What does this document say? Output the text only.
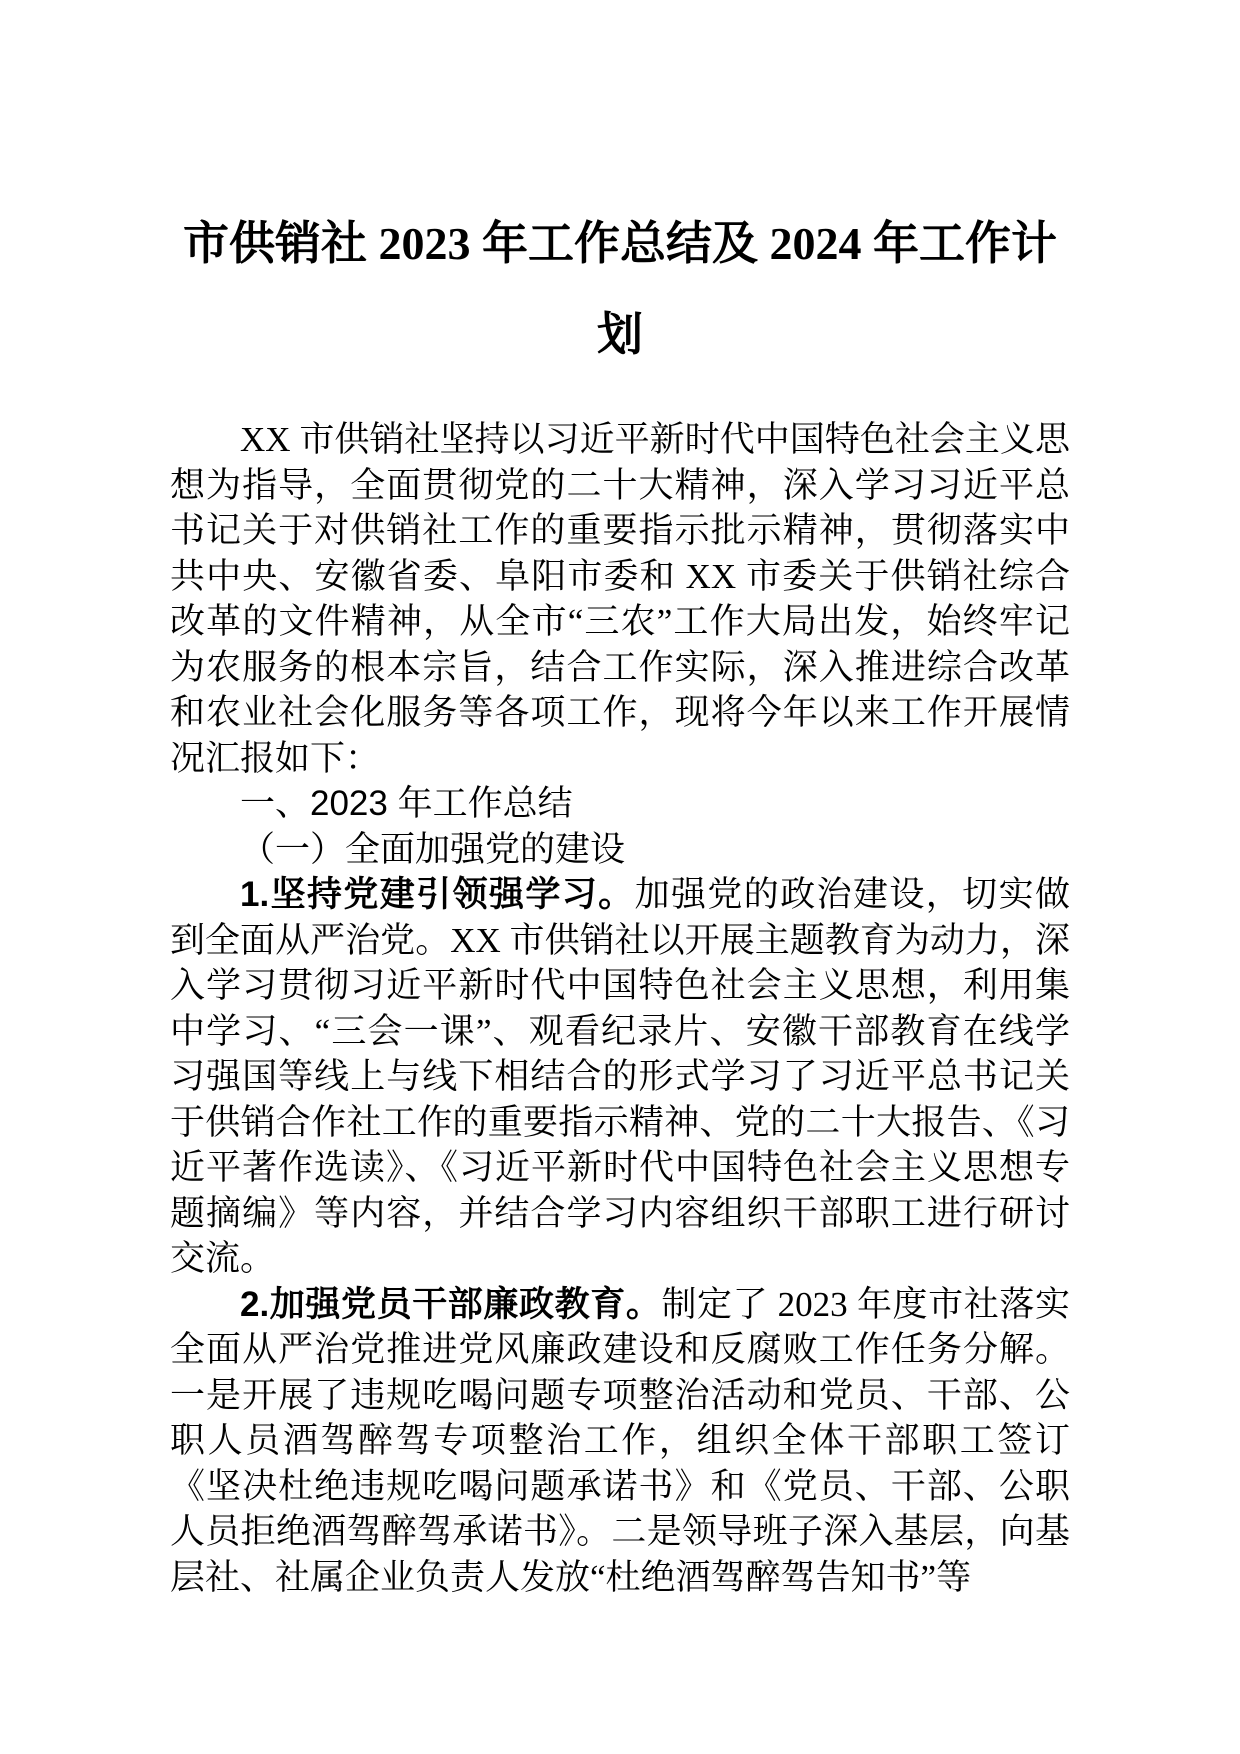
市供销社 2023 年工作总结及 2024 年工作计划

XX 市供销社坚持以习近平新时代中国特色社会主义思想为指导，全面贯彻党的二十大精神，深入学习习近平总书记关于对供销社工作的重要指示批示精神，贯彻落实中共中央、安徽省委、阜阳市委和 XX 市委关于供销社综合改革的文件精神，从全市“三农”工作大局出发，始终牢记为农服务的根本宗旨，结合工作实际，深入推进综合改革和农业社会化服务等各项工作，现将今年以来工作开展情况汇报如下：

一、2023 年工作总结

（一）全面加强党的建设

1.坚持党建引领强学习。加强党的政治建设，切实做到全面从严治党。XX 市供销社以开展主题教育为动力，深入学习贯彻习近平新时代中国特色社会主义思想，利用集中学习、“三会一课”、观看纪录片、安徽干部教育在线学习强国等线上与线下相结合的形式学习了习近平总书记关于供销合作社工作的重要指示精神、党的二十大报告、《习近平著作选读》、《习近平新时代中国特色社会主义思想专题摘编》等内容，并结合学习内容组织干部职工进行研讨交流。

2.加强党员干部廉政教育。制定了 2023 年度市社落实全面从严治党推进党风廉政建设和反腐败工作任务分解。一是开展了违规吃喝问题专项整治活动和党员、干部、公职人员酒驾醉驾专项整治工作，组织全体干部职工签订《坚决杜绝违规吃喝问题承诺书》和《党员、干部、公职人员拒绝酒驾醉驾承诺书》。二是领导班子深入基层，向基层社、社属企业负责人发放“杜绝酒驾醉驾告知书”等
